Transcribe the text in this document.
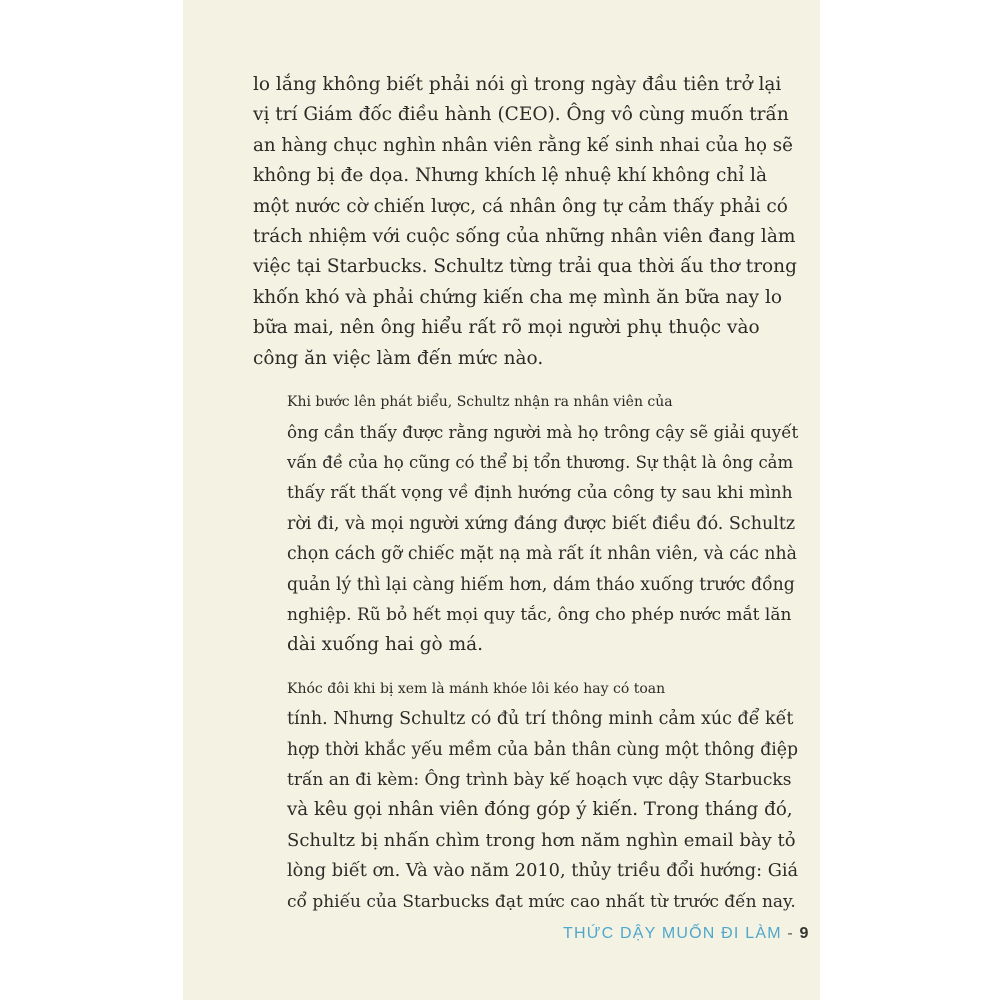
lo lắng không biết phải nói gì trong ngày đầu tiên trở lại
vị trí Giám đốc điều hành (CEO). Ông vô cùng muốn trấn
an hàng chục nghìn nhân viên rằng kế sinh nhai của họ sẽ
không bị đe dọa. Nhưng khích lệ nhuệ khí không chỉ là
một nước cờ chiến lược, cá nhân ông tự cảm thấy phải có
trách nhiệm với cuộc sống của những nhân viên đang làm
việc tại Starbucks. Schultz từng trải qua thời ấu thơ trong
khốn khó và phải chứng kiến cha mẹ mình ăn bữa nay lo
bữa mai, nên ông hiểu rất rõ mọi người phụ thuộc vào
công ăn việc làm đến mức nào.

Khi bước lên phát biểu, Schultz nhận ra nhân viên của
ông cần thấy được rằng người mà họ trông cậy sẽ giải quyết
vấn đề của họ cũng có thể bị tổn thương. Sự thật là ông cảm
thấy rất thất vọng về định hướng của công ty sau khi mình
rời đi, và mọi người xứng đáng được biết điều đó. Schultz
chọn cách gỡ chiếc mặt nạ mà rất ít nhân viên, và các nhà
quản lý thì lại càng hiếm hơn, dám tháo xuống trước đồng
nghiệp. Rũ bỏ hết mọi quy tắc, ông cho phép nước mắt lăn
dài xuống hai gò má.

Khóc đôi khi bị xem là mánh khóe lôi kéo hay có toan
tính. Nhưng Schultz có đủ trí thông minh cảm xúc để kết
hợp thời khắc yếu mềm của bản thân cùng một thông điệp
trấn an đi kèm: Ông trình bày kế hoạch vực dậy Starbucks
và kêu gọi nhân viên đóng góp ý kiến. Trong tháng đó,
Schultz bị nhấn chìm trong hơn năm nghìn email bày tỏ
lòng biết ơn. Và vào năm 2010, thủy triều đổi hướng: Giá
cổ phiếu của Starbucks đạt mức cao nhất từ trước đến nay.

THỨC DẬY MUỐN ĐI LÀM - 9
